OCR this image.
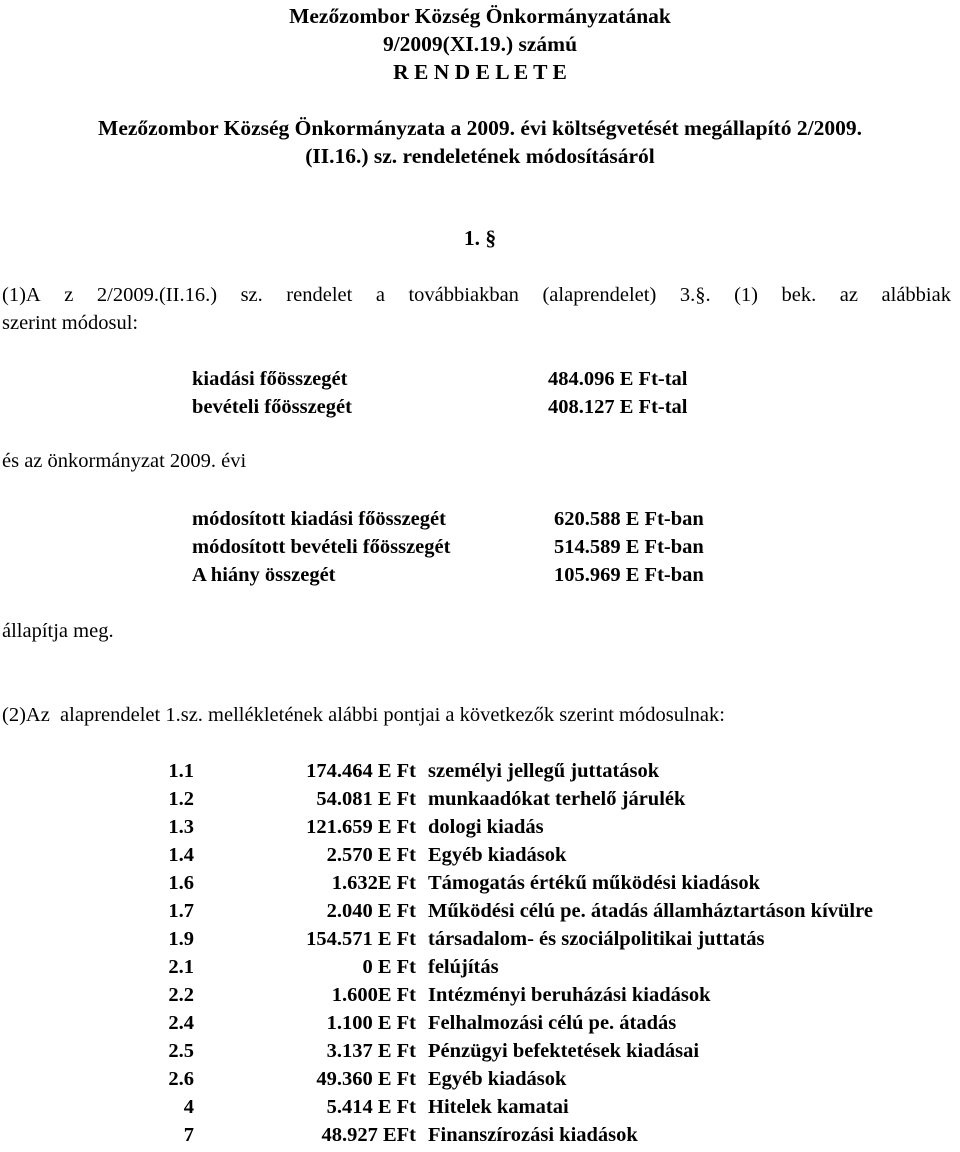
Mezőzombor Község Önkormányzatának
9/2009(XI.19.) számú
R E N D E L E T E
Mezőzombor Község Önkormányzata a 2009. évi költségvetését megállapító 2/2009.
(II.16.) sz. rendeletének módosításáról
1. §
(1)A z 2/2009.(II.16.) sz. rendelet a továbbiakban (alaprendelet) 3.§. (1) bek. az alábbiak
szerint módosul:
kiadási főösszegét	484.096 E Ft-tal
bevételi főösszegét	408.127 E Ft-tal
és az önkormányzat 2009. évi
módosított kiadási főösszegét	620.588 E Ft-ban
módosított bevételi főösszegét	514.589 E Ft-ban
A hiány összegét	105.969 E Ft-ban
állapítja meg.
(2)Az  alaprendelet 1.sz. mellékletének alábbi pontjai a következők szerint módosulnak:
1.1	174.464 E Ft személyi jellegű juttatások
1.2	54.081 E Ft munkaadókat terhelő járulék
1.3	121.659 E Ft dologi kiadás
1.4	2.570 E Ft Egyéb kiadások
1.6	1.632E Ft Támogatás értékű működési kiadások
1.7	2.040 E Ft Működési célú pe. átadás államháztartáson kívülre
1.9	154.571 E Ft társadalom- és szociálpolitikai juttatás
2.1	0 E Ft felújítás
2.2	1.600E Ft Intézményi beruházási kiadások
2.4	1.100 E Ft Felhalmozási célú pe. átadás
2.5	3.137 E Ft Pénzügyi befektetések kiadásai
2.6	49.360 E Ft Egyéb kiadások
4	5.414 E Ft Hitelek kamatai
7	48.927 EFt Finanszírozási kiadások
